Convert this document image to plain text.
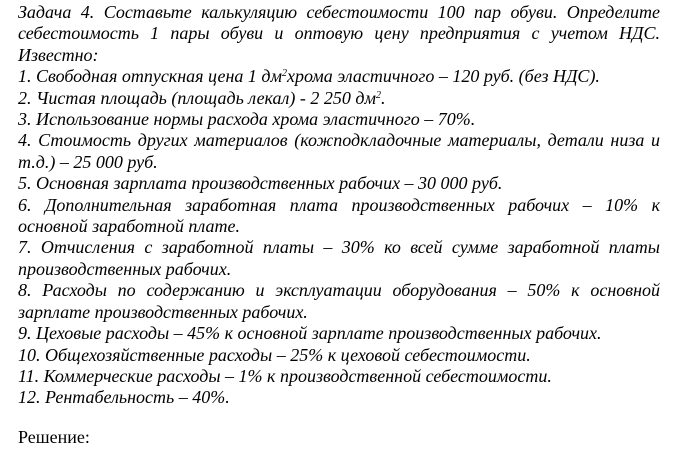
Задача 4. Составьте калькуляцию себестоимости 100 пар обуви. Определите себестоимость 1 пары обуви и оптовую цену предприятия с учетом НДС. Известно:

1. Свободная отпускная цена 1 $дм^2хрома$ эластичного – 120 руб. (без НДС).

2. Чистая площадь (площадь лекал) - 2 250 $дм^2$.

3. Использование нормы расхода хрома эластичного – 70%.

4. Стоимость других материалов (кожподкладочные материалы, детали низа и т.д.) – 25 000 руб.

5. Основная зарплата производственных рабочих – 30 000 руб.

6. Дополнительная заработная плата производственных рабочих – 10% к основной заработной плате.

7. Отчисления с заработной платы – 30% ко всей сумме заработной платы производственных рабочих.

8. Расходы по содержанию и эксплуатации оборудования – 50% к основной зарплате производственных рабочих.

9. Цеховые расходы – 45% к основной зарплате производственных рабочих.

10. Общехозяйственные расходы – 25% к цеховой себестоимости.

11. Коммерческие расходы – 1% к производственной себестоимости.

12. Рентабельность – 40%.

Решение:
